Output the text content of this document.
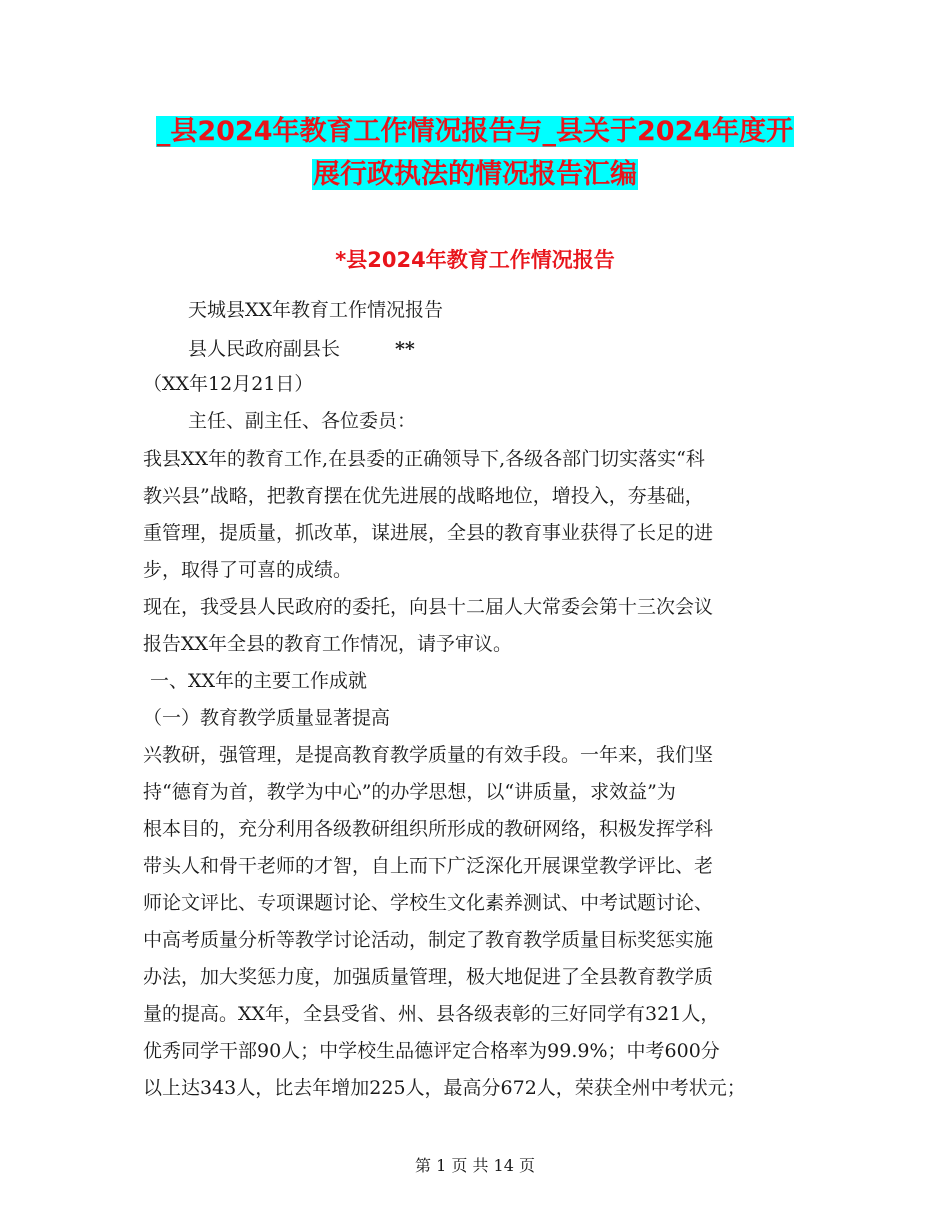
_县2024年教育工作情况报告与_县关于2024年度开
展行政执法的情况报告汇编
*县2024年教育工作情况报告
天城县XX年教育工作情况报告
县人民政府副县长	**
（XX年12月21日）
主任、副主任、各位委员：
我县XX年的教育工作,在县委的正确领导下,各级各部门切实落实“科
教兴县”战略，把教育摆在优先进展的战略地位，增投入，夯基础，
重管理，提质量，抓改革，谋进展，全县的教育事业获得了长足的进
步，取得了可喜的成绩。
现在，我受县人民政府的委托，向县十二届人大常委会第十三次会议
报告XX年全县的教育工作情况，请予审议。
一、XX年的主要工作成就
（一）教育教学质量显著提高
兴教研，强管理，是提高教育教学质量的有效手段。一年来，我们坚
持“德育为首，教学为中心”的办学思想，以“讲质量，求效益”为
根本目的，充分利用各级教研组织所形成的教研网络，积极发挥学科
带头人和骨干老师的才智，自上而下广泛深化开展课堂教学评比、老
师论文评比、专项课题讨论、学校生文化素养测试、中考试题讨论、
中高考质量分析等教学讨论活动，制定了教育教学质量目标奖惩实施
办法，加大奖惩力度，加强质量管理，极大地促进了全县教育教学质
量的提高。XX年，全县受省、州、县各级表彰的三好同学有321人，
优秀同学干部90人；中学校生品德评定合格率为99.9%；中考600分
以上达343人，比去年增加225人，最高分672人，荣获全州中考状元；
第 1 页 共 14 页
